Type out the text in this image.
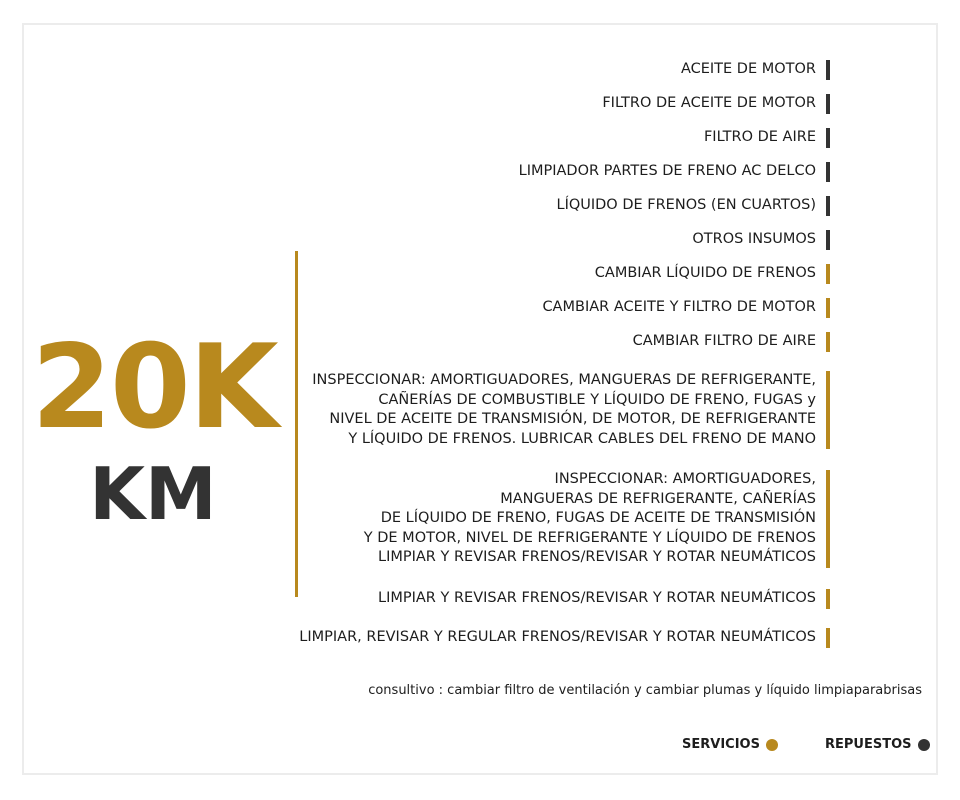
20K
KM
ACEITE DE MOTOR
FILTRO DE ACEITE DE MOTOR
FILTRO DE AIRE
LIMPIADOR PARTES DE FRENO AC DELCO
LÍQUIDO DE FRENOS (EN CUARTOS)
OTROS INSUMOS
CAMBIAR LÍQUIDO DE FRENOS
CAMBIAR ACEITE Y FILTRO DE MOTOR
CAMBIAR FILTRO DE AIRE
INSPECCIONAR: AMORTIGUADORES, MANGUERAS DE REFRIGERANTE,
CAÑERÍAS DE COMBUSTIBLE Y LÍQUIDO DE FRENO, FUGAS y
NIVEL DE ACEITE DE TRANSMISIÓN, DE MOTOR, DE REFRIGERANTE
Y LÍQUIDO DE FRENOS. LUBRICAR CABLES DEL FRENO DE MANO
INSPECCIONAR: AMORTIGUADORES,
MANGUERAS DE REFRIGERANTE, CAÑERÍAS
DE LÍQUIDO DE FRENO, FUGAS DE ACEITE DE TRANSMISIÓN
Y DE MOTOR, NIVEL DE REFRIGERANTE Y LÍQUIDO DE FRENOS
LIMPIAR Y REVISAR FRENOS/REVISAR Y ROTAR NEUMÁTICOS
LIMPIAR Y REVISAR FRENOS/REVISAR Y ROTAR NEUMÁTICOS
LIMPIAR, REVISAR Y REGULAR FRENOS/REVISAR Y ROTAR NEUMÁTICOS
consultivo : cambiar filtro de ventilación y cambiar plumas y líquido limpiaparabrisas
SERVICIOS	REPUESTOS
